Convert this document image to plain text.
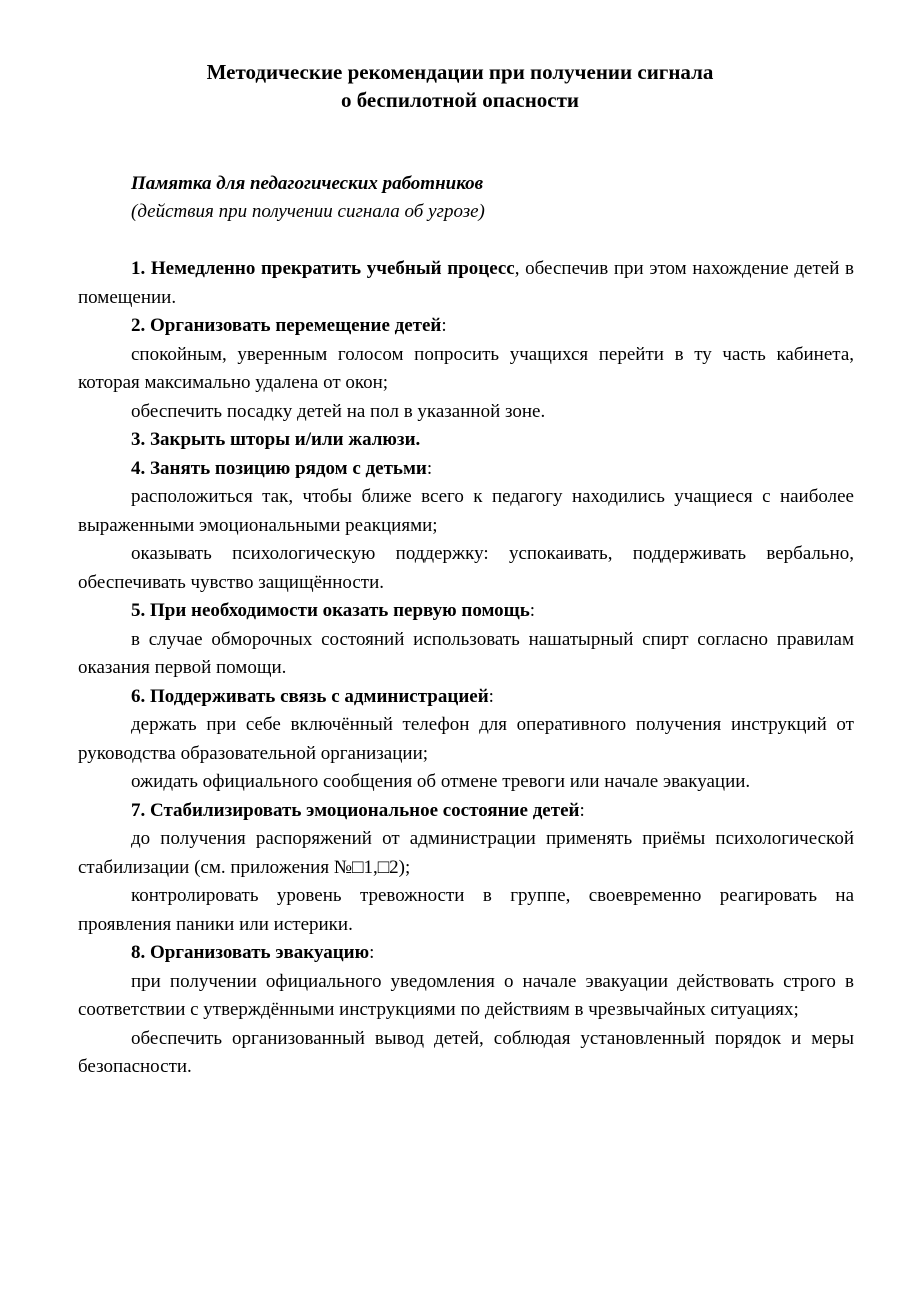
Методические рекомендации при получении сигнала
о беспилотной опасности
Памятка для педагогических работников
(действия при получении сигнала об угрозе)

1. Немедленно прекратить учебный процесс, обеспечив при этом нахождение детей в помещении.

2. Организовать перемещение детей:

спокойным, уверенным голосом попросить учащихся перейти в ту часть кабинета, которая максимально удалена от окон;

обеспечить посадку детей на пол в указанной зоне.

3. Закрыть шторы и/или жалюзи.

4. Занять позицию рядом с детьми:

расположиться так, чтобы ближе всего к педагогу находились учащиеся с наиболее выраженными эмоциональными реакциями;

оказывать психологическую поддержку: успокаивать, поддерживать вербально, обеспечивать чувство защищённости.

5. При необходимости оказать первую помощь:

в случае обморочных состояний использовать нашатырный спирт согласно правилам оказания первой помощи.

6. Поддерживать связь с администрацией:

держать при себе включённый телефон для оперативного получения инструкций от руководства образовательной организации;

ожидать официального сообщения об отмене тревоги или начале эвакуации.

7. Стабилизировать эмоциональное состояние детей:

до получения распоряжений от администрации применять приёмы психологической стабилизации (см. приложения №□1,□2);

контролировать уровень тревожности в группе, своевременно реагировать на проявления паники или истерики.

8. Организовать эвакуацию:

при получении официального уведомления о начале эвакуации действовать строго в соответствии с утверждёнными инструкциями по действиям в чрезвычайных ситуациях;

обеспечить организованный вывод детей, соблюдая установленный порядок и меры безопасности.
